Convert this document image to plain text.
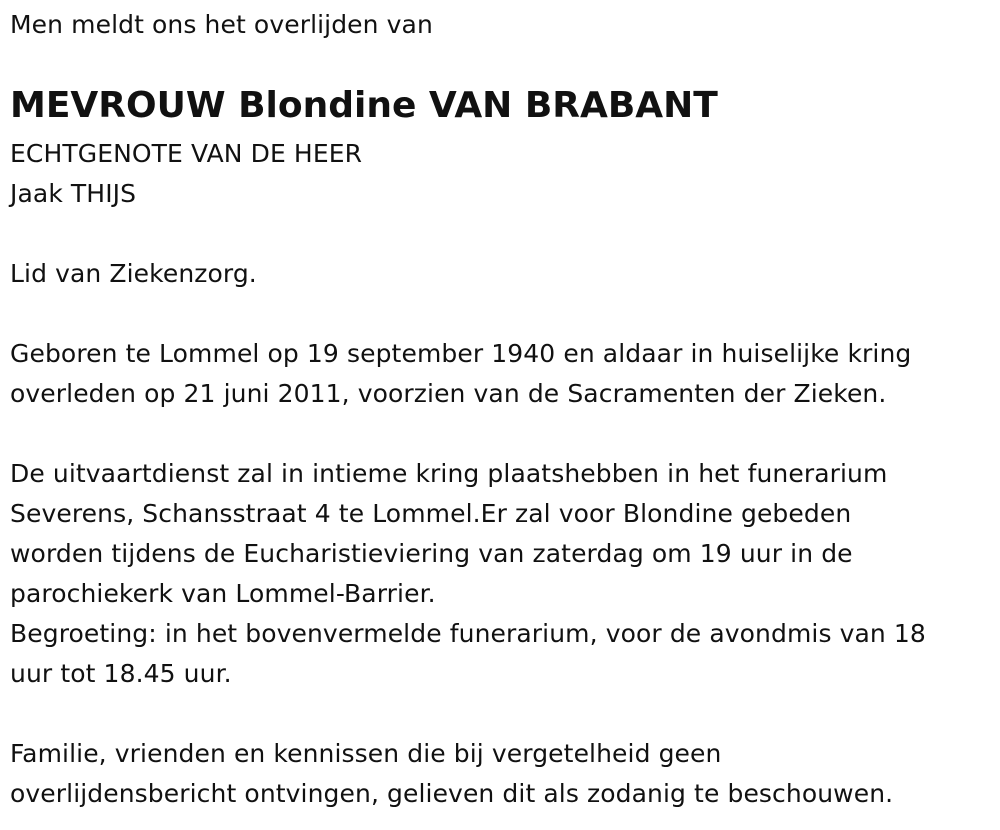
Men meldt ons het overlijden van
MEVROUW Blondine VAN BRABANT
ECHTGENOTE VAN DE HEER
Jaak THIJS
Lid van Ziekenzorg.
Geboren te Lommel op 19 september 1940 en aldaar in huiselijke kring
overleden op 21 juni 2011, voorzien van de Sacramenten der Zieken.
De uitvaartdienst zal in intieme kring plaatshebben in het funerarium
Severens, Schansstraat 4 te Lommel.Er zal voor Blondine gebeden
worden tijdens de Eucharistieviering van zaterdag om 19 uur in de
parochiekerk van Lommel-Barrier.
Begroeting: in het bovenvermelde funerarium, voor de avondmis van 18
uur tot 18.45 uur.
Familie, vrienden en kennissen die bij vergetelheid geen
overlijdensbericht ontvingen, gelieven dit als zodanig te beschouwen.
